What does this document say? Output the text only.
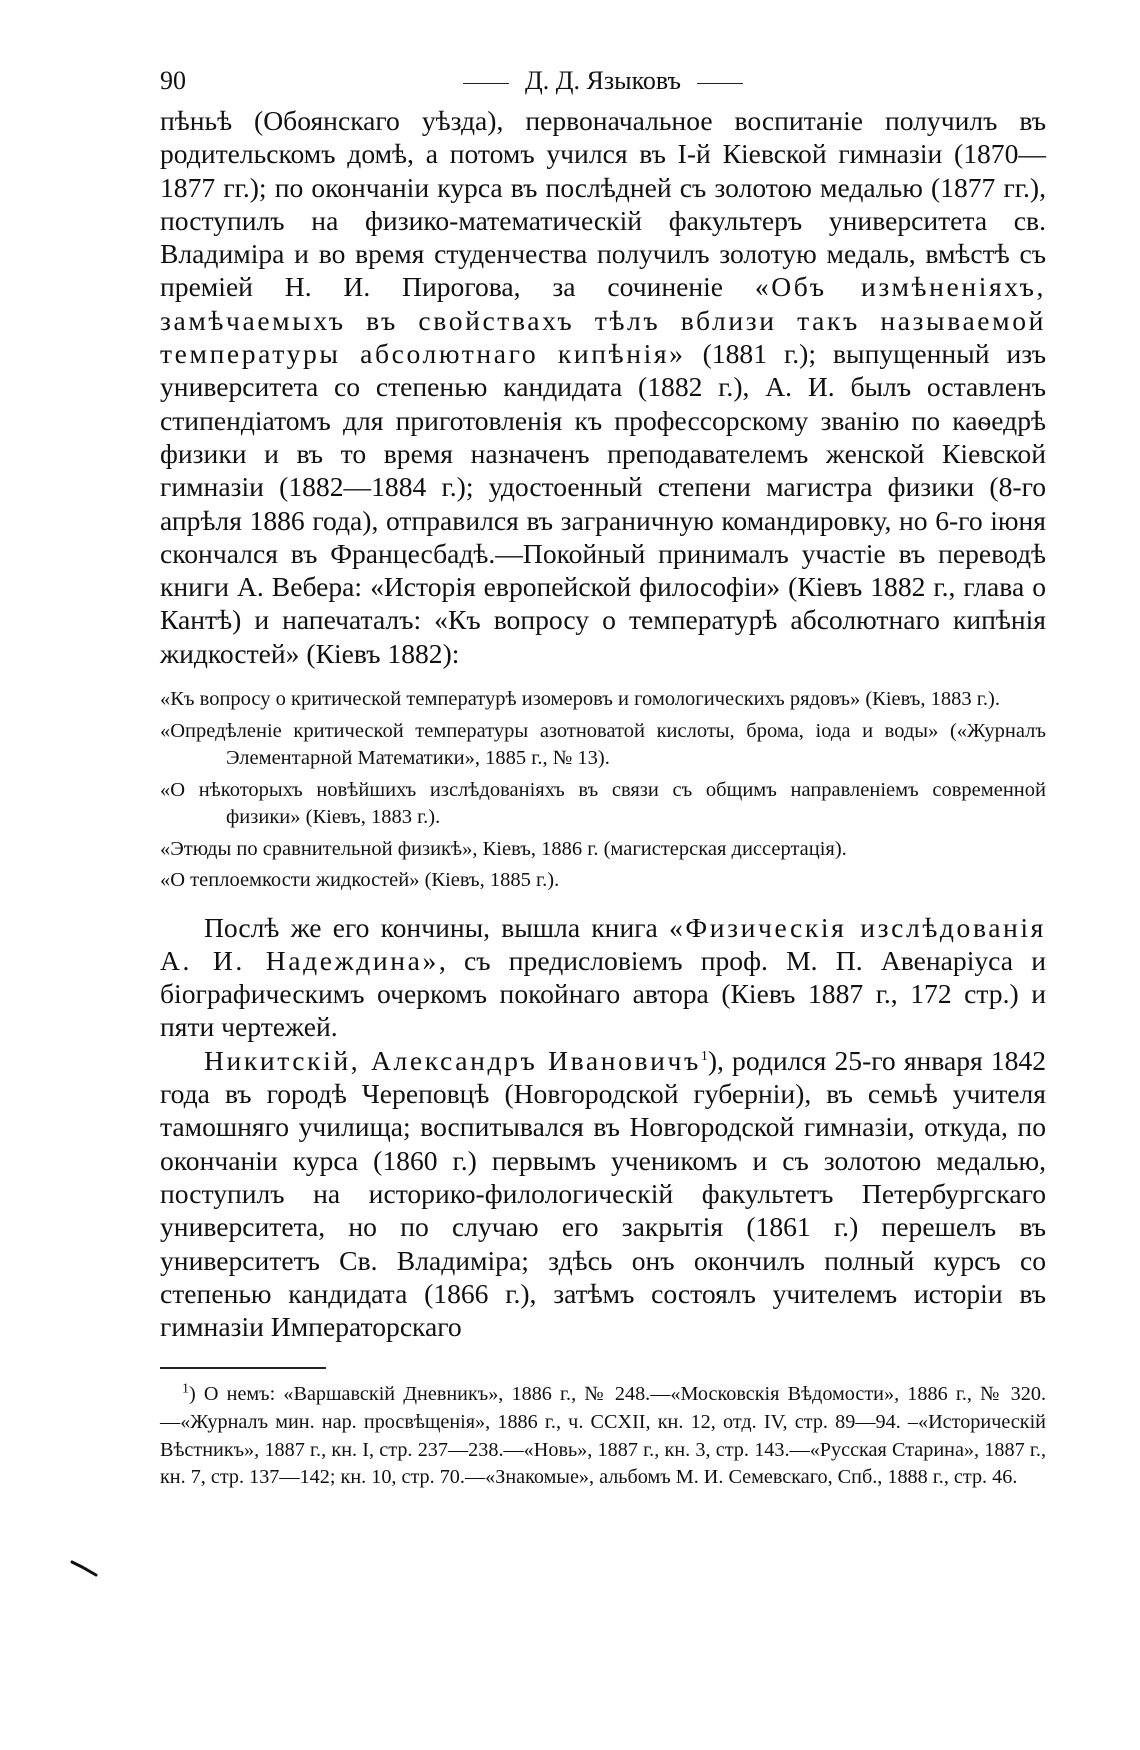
90	Д. Д. Языковъ

пѣньѣ (Обоянскаго уѣзда), первоначальное воспитаніе получилъ въ родительскомъ домѣ, а потомъ учился въ I-й Кіевской гимназіи (1870—1877 гг.); по окончаніи курса въ послѣдней съ золотою медалью (1877 гг.), поступилъ на физико-математическій факультеръ университета св. Владиміра и во время студенчества получилъ золотую медаль, вмѣстѣ съ преміей Н. И. Пирогова, за сочиненіе «Объ измѣненіяхъ, замѣчаемыхъ въ свойствахъ тѣлъ вблизи такъ называемой температуры абсолютнаго кипѣнія» (1881 г.); выпущенный изъ университета со степенью кандидата (1882 г.), А. И. былъ оставленъ стипендіатомъ для приготовленія къ профессорскому званію по каѳедрѣ физики и въ то время назначенъ преподавателемъ женской Кіевской гимназіи (1882—1884 г.); удостоенный степени магистра физики (8-го апрѣля 1886 года), отправился въ заграничную командировку, но 6-го іюня скончался въ Францесбадѣ.—Покойный принималъ участіе въ переводѣ книги А. Вебера: «Исторія европейской философіи» (Кіевъ 1882 г., глава о Кантѣ) и напечаталъ: «Къ вопросу о температурѣ абсолютнаго кипѣнія жидкостей» (Кіевъ 1882):

«Къ вопросу о критической температурѣ изомеровъ и гомологическихъ рядовъ» (Кіевъ, 1883 г.).

«Опредѣленіе критической температуры азотноватой кислоты, брома, іода и воды» («Журналъ Элементарной Математики», 1885 г., № 13).

«О нѣкоторыхъ новѣйшихъ изслѣдованіяхъ въ связи съ общимъ направленіемъ современной физики» (Кіевъ, 1883 г.).

«Этюды по сравнительной физикѣ», Кіевъ, 1886 г. (магистерская диссертація).

«О теплоемкости жидкостей» (Кіевъ, 1885 г.).

Послѣ же его кончины, вышла книга «Физическія изслѣдованія А. И. Надеждина», съ предисловіемъ проф. М. П. Авенаріуса и біографическимъ очеркомъ покойнаго автора (Кіевъ 1887 г., 172 стр.) и пяти чертежей.

Никитскій, Александръ Ивановичъ$^1$), родился 25-го января 1842 года въ городѣ Череповцѣ (Новгородской губерніи), въ семьѣ учителя тамошняго училища; воспитывался въ Новгородской гимназіи, откуда, по окончаніи курса (1860 г.) первымъ ученикомъ и съ золотою медалью, поступилъ на историко-филологическій факультетъ Петербургскаго университета, но по случаю его закрытія (1861 г.) перешелъ въ университетъ Св. Владиміра; здѣсь онъ окончилъ полный курсъ со степенью кандидата (1866 г.), затѣмъ состоялъ учителемъ исторіи въ гимназіи Императорскаго

$^1$) О немъ: «Варшавскій Дневникъ», 1886 г., № 248.—«Московскія Вѣдомости», 1886 г., № 320.—«Журналъ мин. нар. просвѣщенія», 1886 г., ч. CCXII, кн. 12, отд. IV, стр. 89—94. –«Историческій Вѣстникъ», 1887 г., кн. I, стр. 237—238.—«Новь», 1887 г., кн. 3, стр. 143.—«Русская Старина», 1887 г., кн. 7, стр. 137—142; кн. 10, стр. 70.—«Знакомые», альбомъ М. И. Семевскаго, Спб., 1888 г., стр. 46.
